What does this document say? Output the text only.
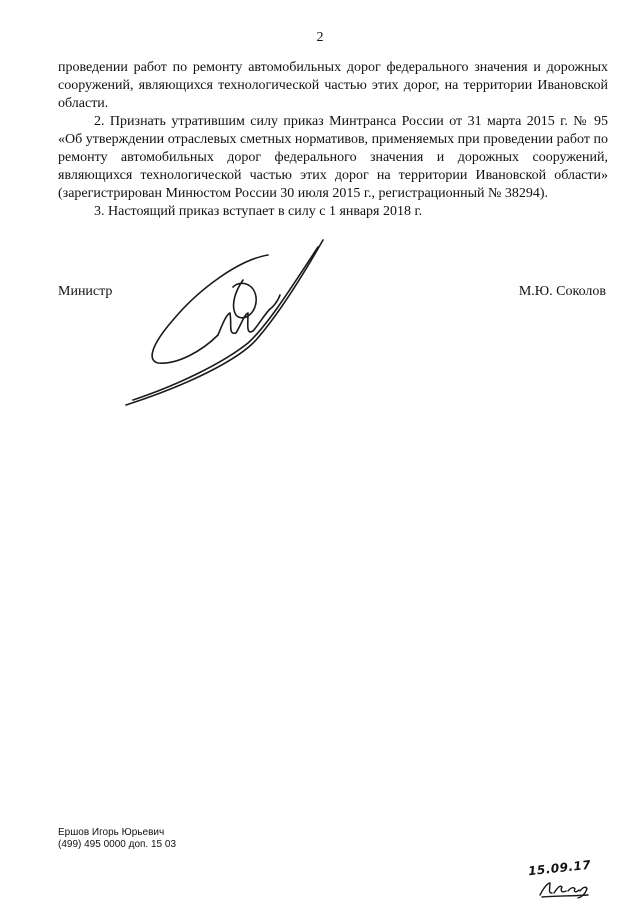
2

проведении работ по ремонту автомобильных дорог федерального значения и дорожных сооружений, являющихся технологической частью этих дорог, на территории Ивановской области.

2. Признать утратившим силу приказ Минтранса России от 31 марта 2015 г. № 95 «Об утверждении отраслевых сметных нормативов, применяемых при проведении работ по ремонту автомобильных дорог федерального значения и дорожных сооружений, являющихся технологической частью этих дорог на территории Ивановской области» (зарегистрирован Минюстом России 30 июля 2015 г., регистрационный № 38294).

3. Настоящий приказ вступает в силу с 1 января 2018 г.

Министр	М.Ю. Соколов
Ершов Игорь Юрьевич
(499) 495 0000 доп. 15 03
15.09.17
